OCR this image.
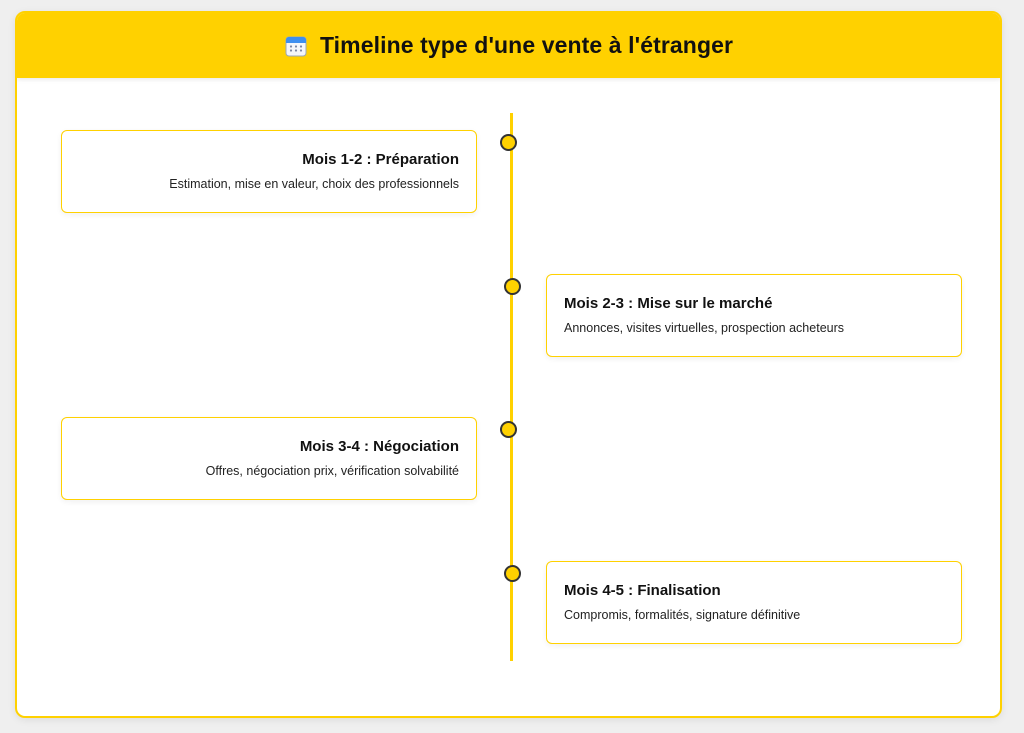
Timeline type d'une vente à l'étranger

Mois 1-2 : Préparation

Estimation, mise en valeur, choix des professionnels

Mois 2-3 : Mise sur le marché

Annonces, visites virtuelles, prospection acheteurs

Mois 3-4 : Négociation

Offres, négociation prix, vérification solvabilité

Mois 4-5 : Finalisation

Compromis, formalités, signature définitive
